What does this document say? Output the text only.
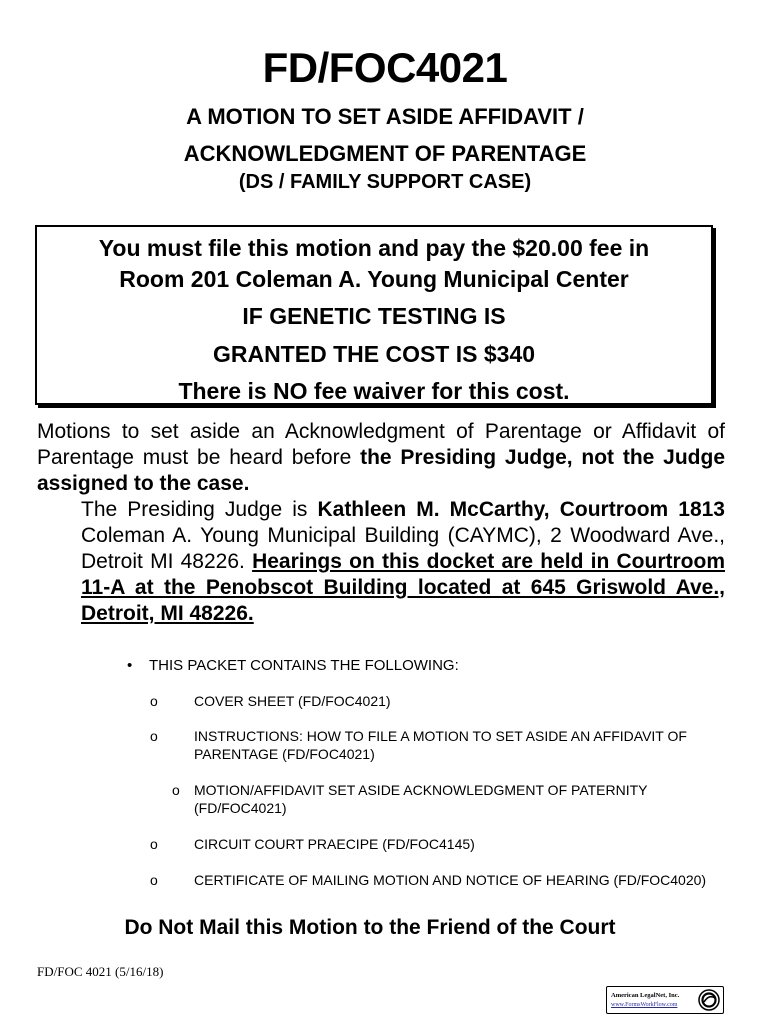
FD/FOC4021

A MOTION TO SET ASIDE AFFIDAVIT /

ACKNOWLEDGMENT OF PARENTAGE

(DS / FAMILY SUPPORT CASE)

You must file this motion and pay the $20.00 fee in

Room 201 Coleman A. Young Municipal Center

IF GENETIC TESTING IS

GRANTED THE COST IS $340

There is NO fee waiver for this cost.

Motions to set aside an Acknowledgment of Parentage or Affidavit of Parentage must be heard before the Presiding Judge, not the Judge assigned to the case.

The Presiding Judge is Kathleen M. McCarthy, Courtroom 1813 Coleman A. Young Municipal Building (CAYMC), 2 Woodward Ave., Detroit MI 48226. Hearings on this docket are held in Courtroom 11-A at the Penobscot Building located at 645 Griswold Ave., Detroit, MI 48226.

• THIS PACKET CONTAINS THE FOLLOWING:
o	COVER SHEET (FD/FOC4021)
o	INSTRUCTIONS: HOW TO FILE A MOTION TO SET ASIDE AN AFFIDAVIT OF PARENTAGE (FD/FOC4021)
o MOTION/AFFIDAVIT SET ASIDE ACKNOWLEDGMENT OF PATERNITY (FD/FOC4021)
o	CIRCUIT COURT PRAECIPE (FD/FOC4145)
o	CERTIFICATE OF MAILING MOTION AND NOTICE OF HEARING (FD/FOC4020)
Do Not Mail this Motion to the Friend of the Court
FD/FOC 4021 (5/16/18)
American LegalNet, Inc.
www.FormsWorkFlow.com
